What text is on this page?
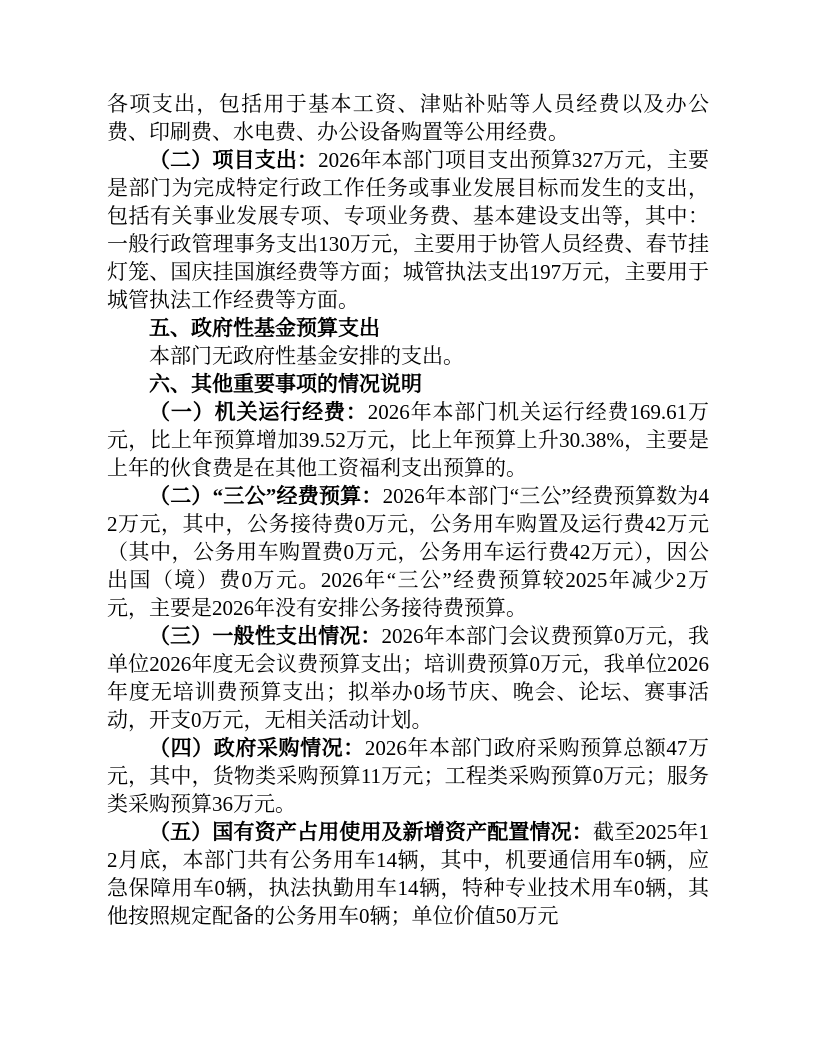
各项支出，包括用于基本工资、津贴补贴等人员经费以及办公费、印刷费、水电费、办公设备购置等公用经费。

（二）项目支出：2026年本部门项目支出预算327万元，主要是部门为完成特定行政工作任务或事业发展目标而发生的支出，包括有关事业发展专项、专项业务费、基本建设支出等，其中：一般行政管理事务支出130万元，主要用于协管人员经费、春节挂灯笼、国庆挂国旗经费等方面；城管执法支出197万元，主要用于城管执法工作经费等方面。

五、政府性基金预算支出

本部门无政府性基金安排的支出。

六、其他重要事项的情况说明

（一）机关运行经费：2026年本部门机关运行经费169.61万元，比上年预算增加39.52万元，比上年预算上升30.38%，主要是上年的伙食费是在其他工资福利支出预算的。

（二）“三公”经费预算：2026年本部门“三公”经费预算数为42万元，其中，公务接待费0万元，公务用车购置及运行费42万元（其中，公务用车购置费0万元，公务用车运行费42万元），因公出国（境）费0万元。2026年“三公”经费预算较2025年减少2万元，主要是2026年没有安排公务接待费预算。

（三）一般性支出情况：2026年本部门会议费预算0万元，我单位2026年度无会议费预算支出；培训费预算0万元，我单位2026年度无培训费预算支出；拟举办0场节庆、晚会、论坛、赛事活动，开支0万元，无相关活动计划。

（四）政府采购情况：2026年本部门政府采购预算总额47万元，其中，货物类采购预算11万元；工程类采购预算0万元；服务类采购预算36万元。

（五）国有资产占用使用及新增资产配置情况：截至2025年12月底，本部门共有公务用车14辆，其中，机要通信用车0辆，应急保障用车0辆，执法执勤用车14辆，特种专业技术用车0辆，其他按照规定配备的公务用车0辆；单位价值50万元
